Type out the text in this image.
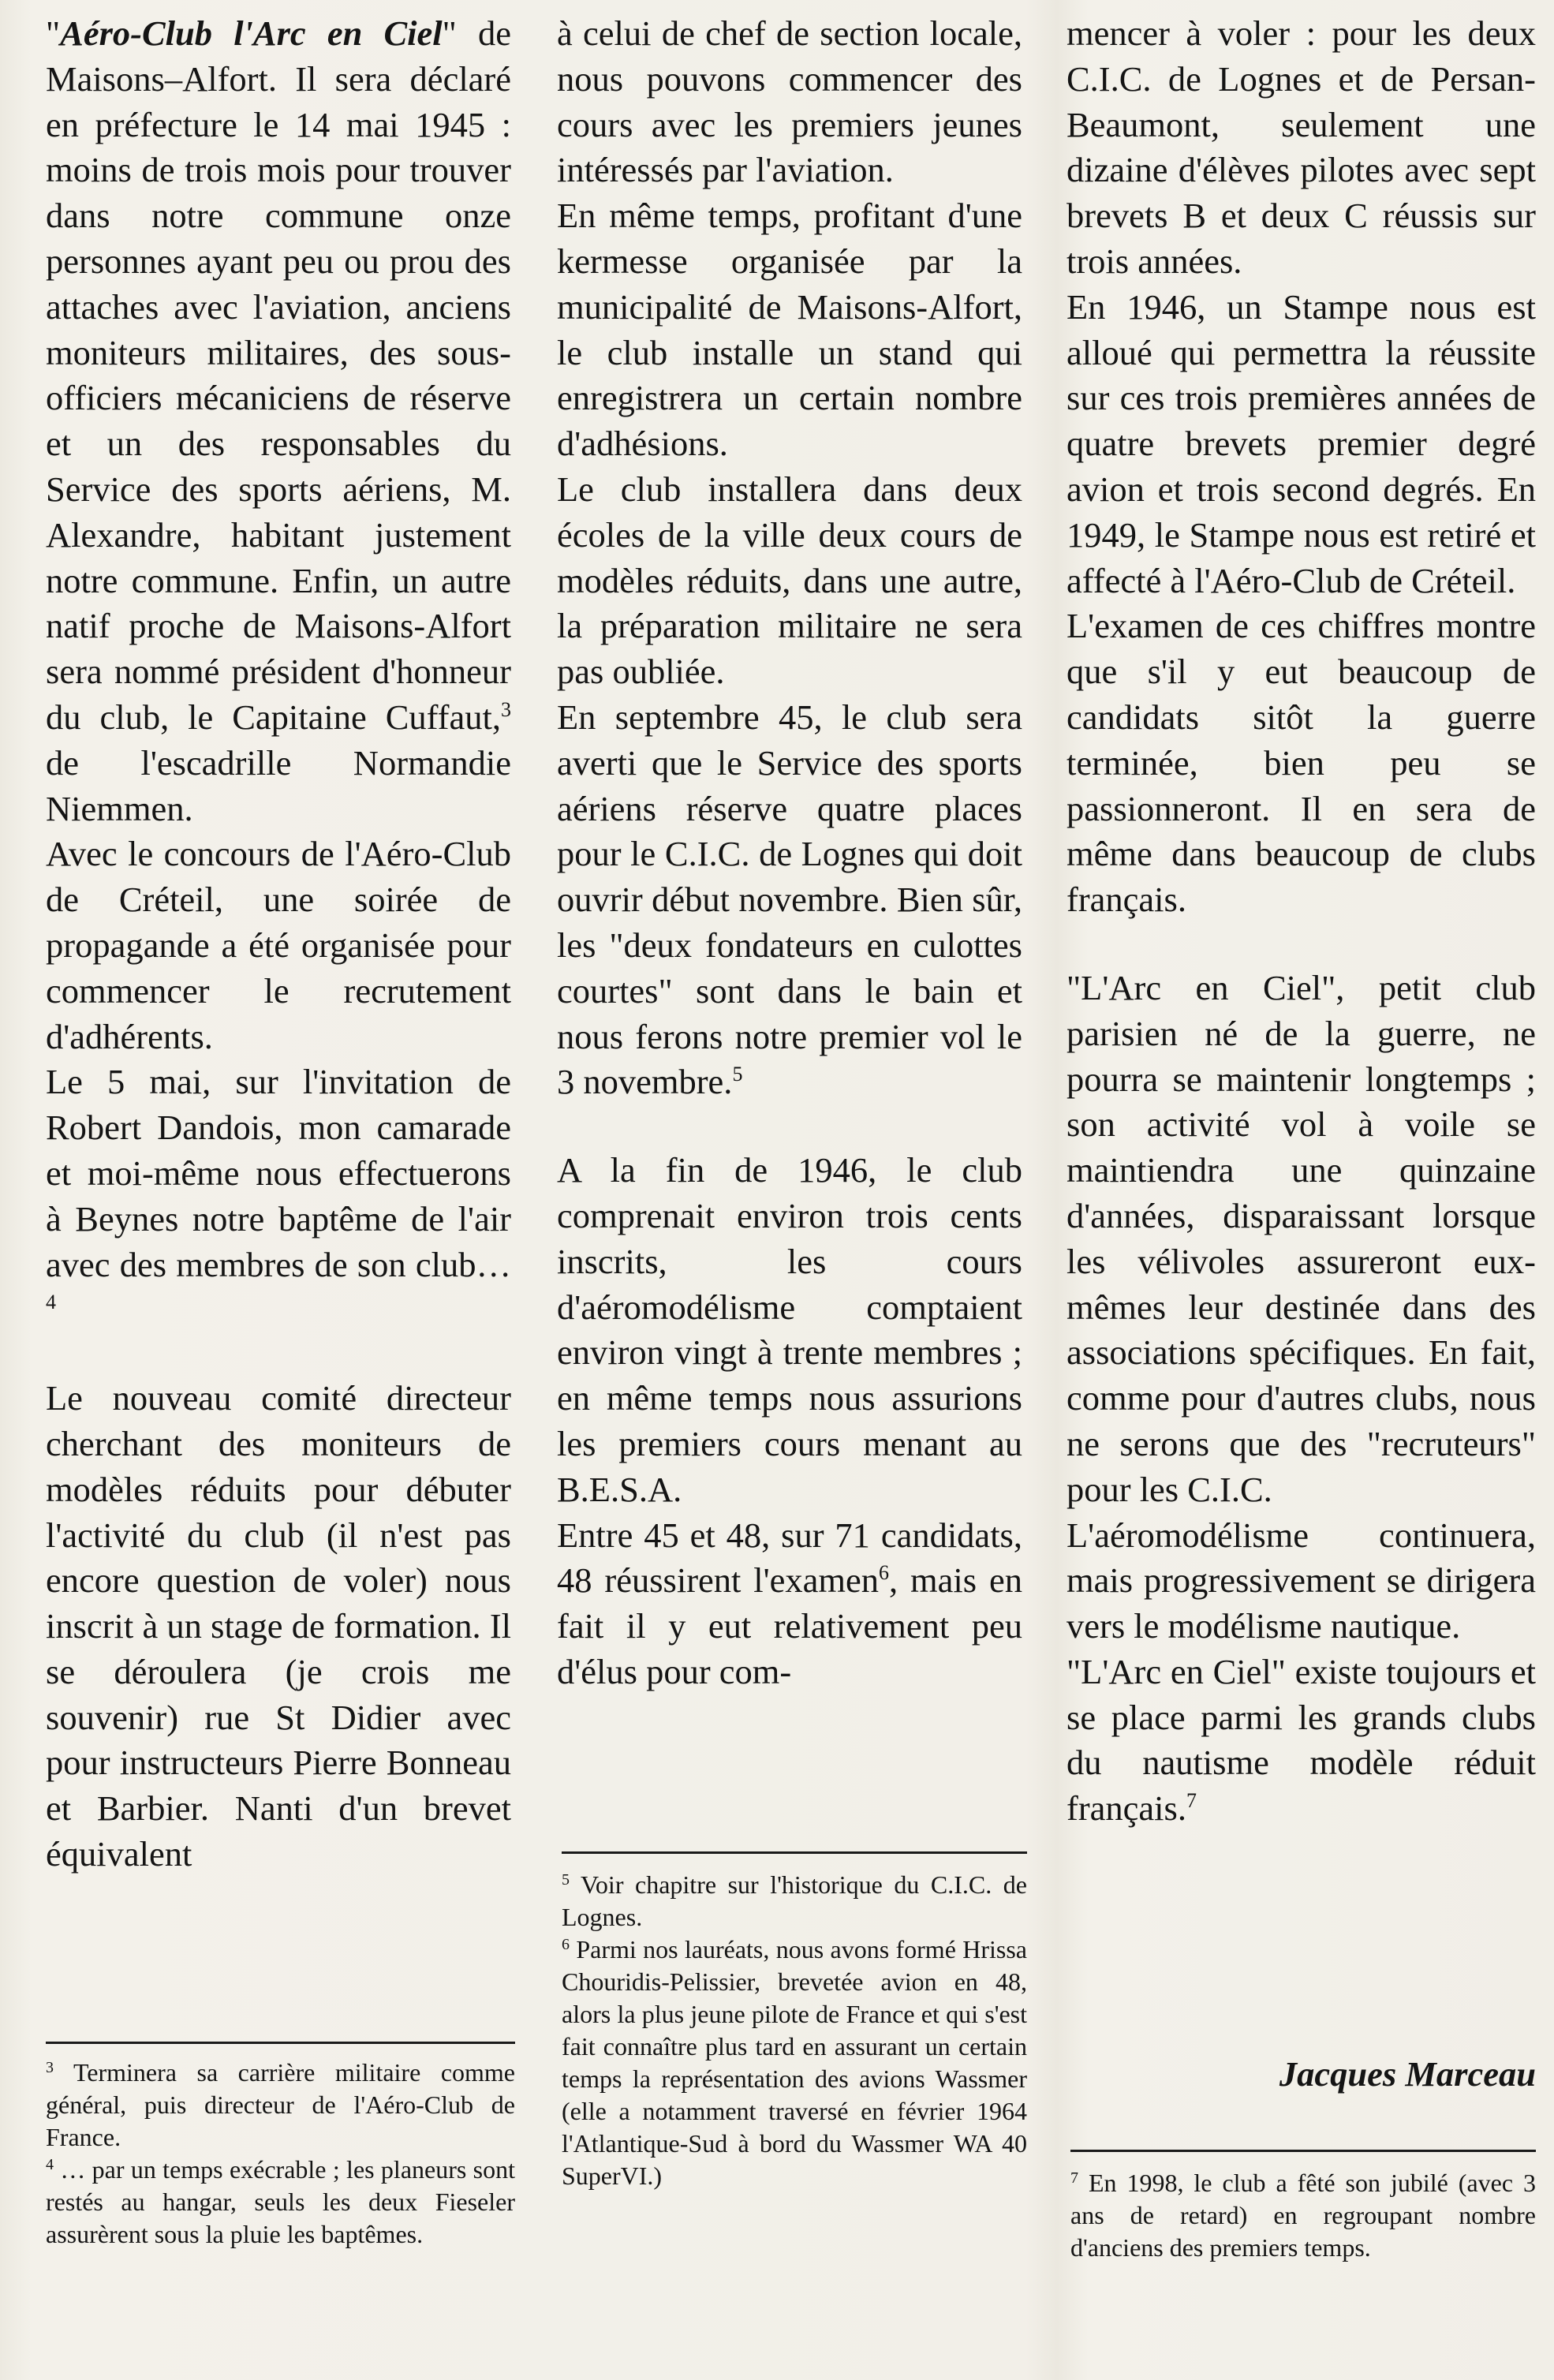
"Aéro-Club l'Arc en Ciel" de Maisons–Alfort. Il sera déclaré en préfecture le 14 mai 1945 : moins de trois mois pour trouver dans notre commune onze personnes ayant peu ou prou des attaches avec l'aviation, anciens moniteurs militaires, des sous-officiers mécaniciens de réserve et un des responsables du Service des sports aériens, M. Alexandre, habitant justement notre commune. Enfin, un autre natif proche de Maisons-Alfort sera nommé président d'honneur du club, le Capitaine Cuffaut,$^3$ de l'escadrille Normandie Niemmen.

Avec le concours de l'Aéro-Club de Créteil, une soirée de propagande a été organisée pour commencer le recrutement d'adhérents.

Le 5 mai, sur l'invitation de Robert Dandois, mon camarade et moi-même nous effectuerons à Beynes notre baptême de l'air avec des membres de son club…$^4$

Le nouveau comité directeur cherchant des moniteurs de modèles réduits pour débuter l'activité du club (il n'est pas encore question de voler) nous inscrit à un stage de formation. Il se déroulera (je crois me souvenir) rue St Didier avec pour instructeurs Pierre Bonneau et Barbier. Nanti d'un brevet équivalent

à celui de chef de section locale, nous pouvons commencer des cours avec les premiers jeunes intéressés par l'aviation.

En même temps, profitant d'une kermesse organisée par la municipalité de Maisons-Alfort, le club installe un stand qui enregistrera un certain nombre d'adhésions.

Le club installera dans deux écoles de la ville deux cours de modèles réduits, dans une autre, la préparation militaire ne sera pas oubliée.

En septembre 45, le club sera averti que le Service des sports aériens réserve quatre places pour le C.I.C. de Lognes qui doit ouvrir début novembre. Bien sûr, les "deux fondateurs en culottes courtes" sont dans le bain et nous ferons notre premier vol le 3 novembre.$^5$

A la fin de 1946, le club comprenait environ trois cents inscrits, les cours d'aéromodélisme comptaient environ vingt à trente membres ; en même temps nous assurions les premiers cours menant au B.E.S.A.

Entre 45 et 48, sur 71 candidats, 48 réussirent l'examen$^6$, mais en fait il y eut relativement peu d'élus pour com-

mencer à voler : pour les deux C.I.C. de Lognes et de Persan-Beaumont, seulement une dizaine d'élèves pilotes avec sept brevets B et deux C réussis sur trois années.

En 1946, un Stampe nous est alloué qui permettra la réussite sur ces trois premières années de quatre brevets premier degré avion et trois second degrés. En 1949, le Stampe nous est retiré et affecté à l'Aéro-Club de Créteil.

L'examen de ces chiffres montre que s'il y eut beaucoup de candidats sitôt la guerre terminée, bien peu se passionneront. Il en sera de même dans beaucoup de clubs français.

"L'Arc en Ciel", petit club parisien né de la guerre, ne pourra se maintenir longtemps ; son activité vol à voile se maintiendra une quinzaine d'années, disparaissant lorsque les vélivoles assureront eux-mêmes leur destinée dans des associations spécifiques. En fait, comme pour d'autres clubs, nous ne serons que des "recruteurs" pour les C.I.C.

L'aéromodélisme continuera, mais progressivement se dirigera vers le modélisme nautique.

"L'Arc en Ciel" existe toujours et se place parmi les grands clubs du nautisme modèle réduit français.$^7$

Jacques Marceau

$^3$ Terminera sa carrière militaire comme général, puis directeur de l'Aéro-Club de France.

$^4$ … par un temps exécrable ; les planeurs sont restés au hangar, seuls les deux Fieseler assurèrent sous la pluie les baptêmes.

$^5$ Voir chapitre sur l'historique du C.I.C. de Lognes.

$^6$ Parmi nos lauréats, nous avons formé Hrissa Chouridis-Pelissier, brevetée avion en 48, alors la plus jeune pilote de France et qui s'est fait connaître plus tard en assurant un certain temps la représentation des avions Wassmer (elle a notamment traversé en février 1964 l'Atlantique-Sud à bord du Wassmer WA 40 SuperVI.)	$^7$ En 1998, le club a fêté son jubilé (avec 3 ans de retard) en regroupant nombre d'anciens des premiers temps.
